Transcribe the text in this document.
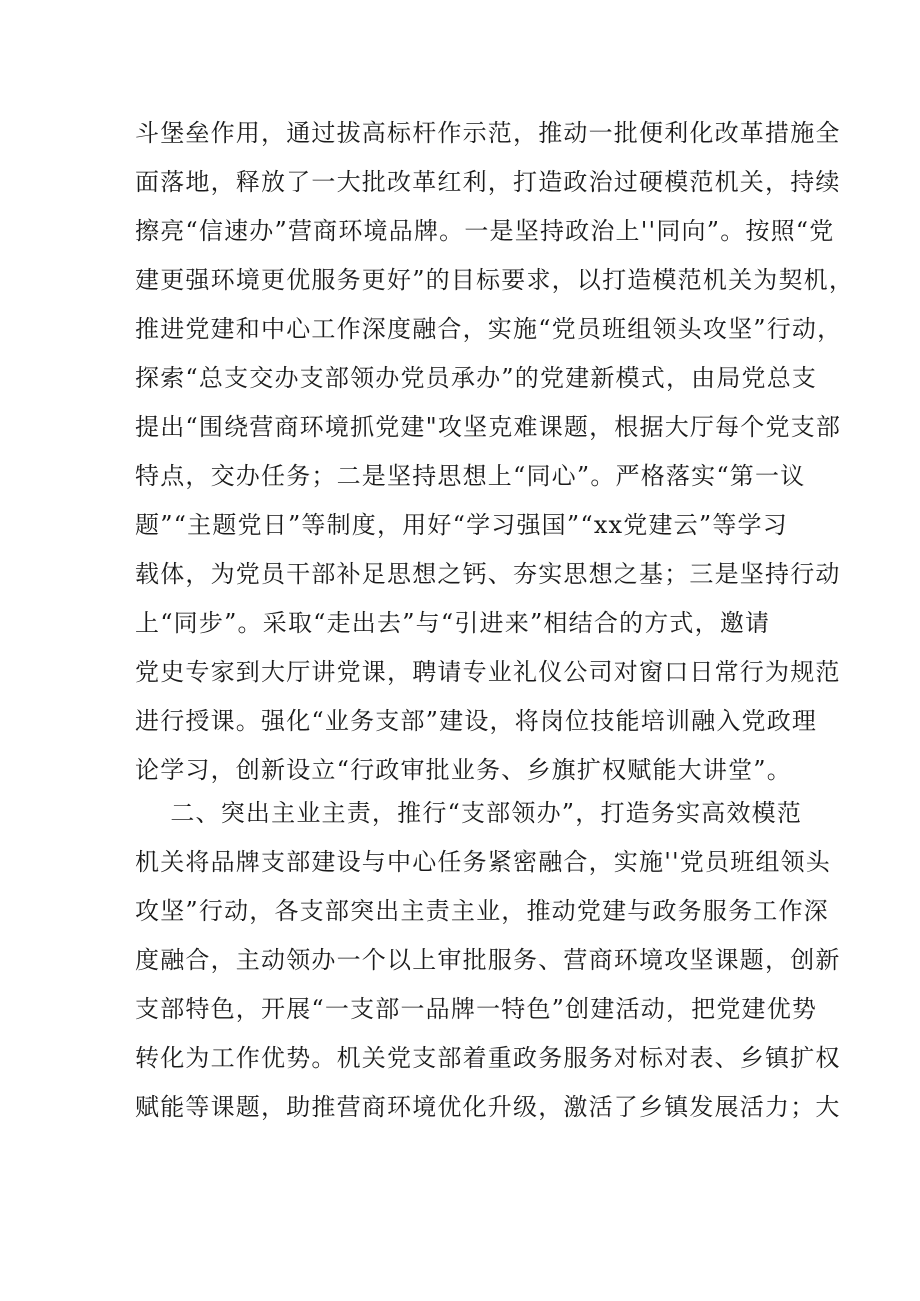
斗堡垒作用，通过拔高标杆作示范，推动一批便利化改革措施全
面落地，释放了一大批改革红利，打造政治过硬模范机关，持续
擦亮“信速办”营商环境品牌。一是坚持政治上''同向”。按照“党
建更强环境更优服务更好”的目标要求，以打造模范机关为契机，
推进党建和中心工作深度融合，实施“党员班组领头攻坚”行动，
探索“总支交办支部领办党员承办”的党建新模式，由局党总支
提出“围绕营商环境抓党建"攻坚克难课题，根据大厅每个党支部
特点，交办任务；二是坚持思想上“同心”。严格落实“第一议
题”“主题党日”等制度，用好“学习强国”“xx党建云”等学习
载体，为党员干部补足思想之钙、夯实思想之基；三是坚持行动
上“同步”。采取“走出去”与“引进来”相结合的方式，邀请
党史专家到大厅讲党课，聘请专业礼仪公司对窗口日常行为规范
进行授课。强化“业务支部”建设，将岗位技能培训融入党政理
论学习，创新设立“行政审批业务、乡旗扩权赋能大讲堂”。
二、突出主业主责，推行“支部领办”，打造务实高效模范
机关将品牌支部建设与中心任务紧密融合，实施''党员班组领头
攻坚”行动，各支部突出主责主业，推动党建与政务服务工作深
度融合，主动领办一个以上审批服务、营商环境攻坚课题，创新
支部特色，开展“一支部一品牌一特色”创建活动，把党建优势
转化为工作优势。机关党支部着重政务服务对标对表、乡镇扩权
赋能等课题，助推营商环境优化升级，激活了乡镇发展活力；大
